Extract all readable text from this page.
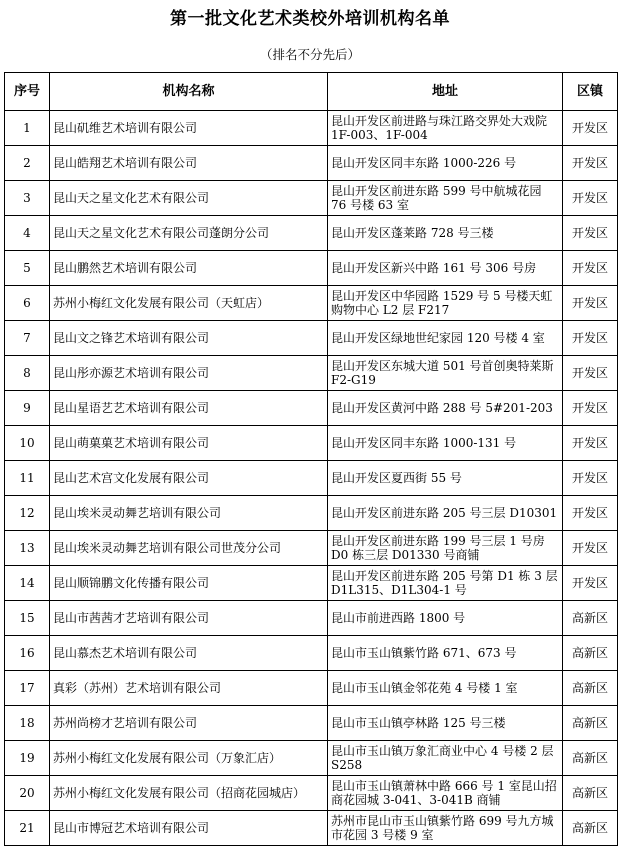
第一批文化艺术类校外培训机构名单
（排名不分先后）
序号	机构名称	地址	区镇
1	昆山矶维艺术培训有限公司	昆山开发区前进路与珠江路交界处大戏院 1F-003、1F-004	开发区
2	昆山皓翔艺术培训有限公司	昆山开发区同丰东路 1000-226 号	开发区
3	昆山天之星文化艺术有限公司	昆山开发区前进东路 599 号中航城花园 76 号楼 63 室	开发区
4	昆山天之星文化艺术有限公司蓬朗分公司	昆山开发区蓬莱路 728 号三楼	开发区
5	昆山鹏然艺术培训有限公司	昆山开发区新兴中路 161 号 306 号房	开发区
6	苏州小梅红文化发展有限公司（天虹店）	昆山开发区中华园路 1529 号 5 号楼天虹购物中心 L2 层 F217	开发区
7	昆山文之锋艺术培训有限公司	昆山开发区绿地世纪家园 120 号楼 4 室	开发区
8	昆山彤亦源艺术培训有限公司	昆山开发区东城大道 501 号首创奥特莱斯 F2-G19	开发区
9	昆山星语艺艺术培训有限公司	昆山开发区黄河中路 288 号 5#201-203	开发区
10	昆山萌菓菓艺术培训有限公司	昆山开发区同丰东路 1000-131 号	开发区
11	昆山艺术宫文化发展有限公司	昆山开发区夏西街 55 号	开发区
12	昆山埃米灵动舞艺培训有限公司	昆山开发区前进东路 205 号三层 D10301	开发区
13	昆山埃米灵动舞艺培训有限公司世茂分公司	昆山开发区前进东路 199 号三层 1 号房 D0 栋三层 D01330 号商铺	开发区
14	昆山顺锦鹏文化传播有限公司	昆山开发区前进东路 205 号第 D1 栋 3 层 D1L315、D1L304-1 号	开发区
15	昆山市茜茜才艺培训有限公司	昆山市前进西路 1800 号	高新区
16	昆山慕杰艺术培训有限公司	昆山市玉山镇紫竹路 671、673 号	高新区
17	真彩（苏州）艺术培训有限公司	昆山市玉山镇金邻花苑 4 号楼 1 室	高新区
18	苏州尚榜才艺培训有限公司	昆山市玉山镇亭林路 125 号三楼	高新区
19	苏州小梅红文化发展有限公司（万象汇店）	昆山市玉山镇万象汇商业中心 4 号楼 2 层 S258	高新区
20	苏州小梅红文化发展有限公司（招商花园城店）	昆山市玉山镇萧林中路 666 号 1 室昆山招商花园城 3-041、3-041B 商铺	高新区
21	昆山市博冠艺术培训有限公司	苏州市昆山市玉山镇紫竹路 699 号九方城市花园 3 号楼 9 室	高新区
